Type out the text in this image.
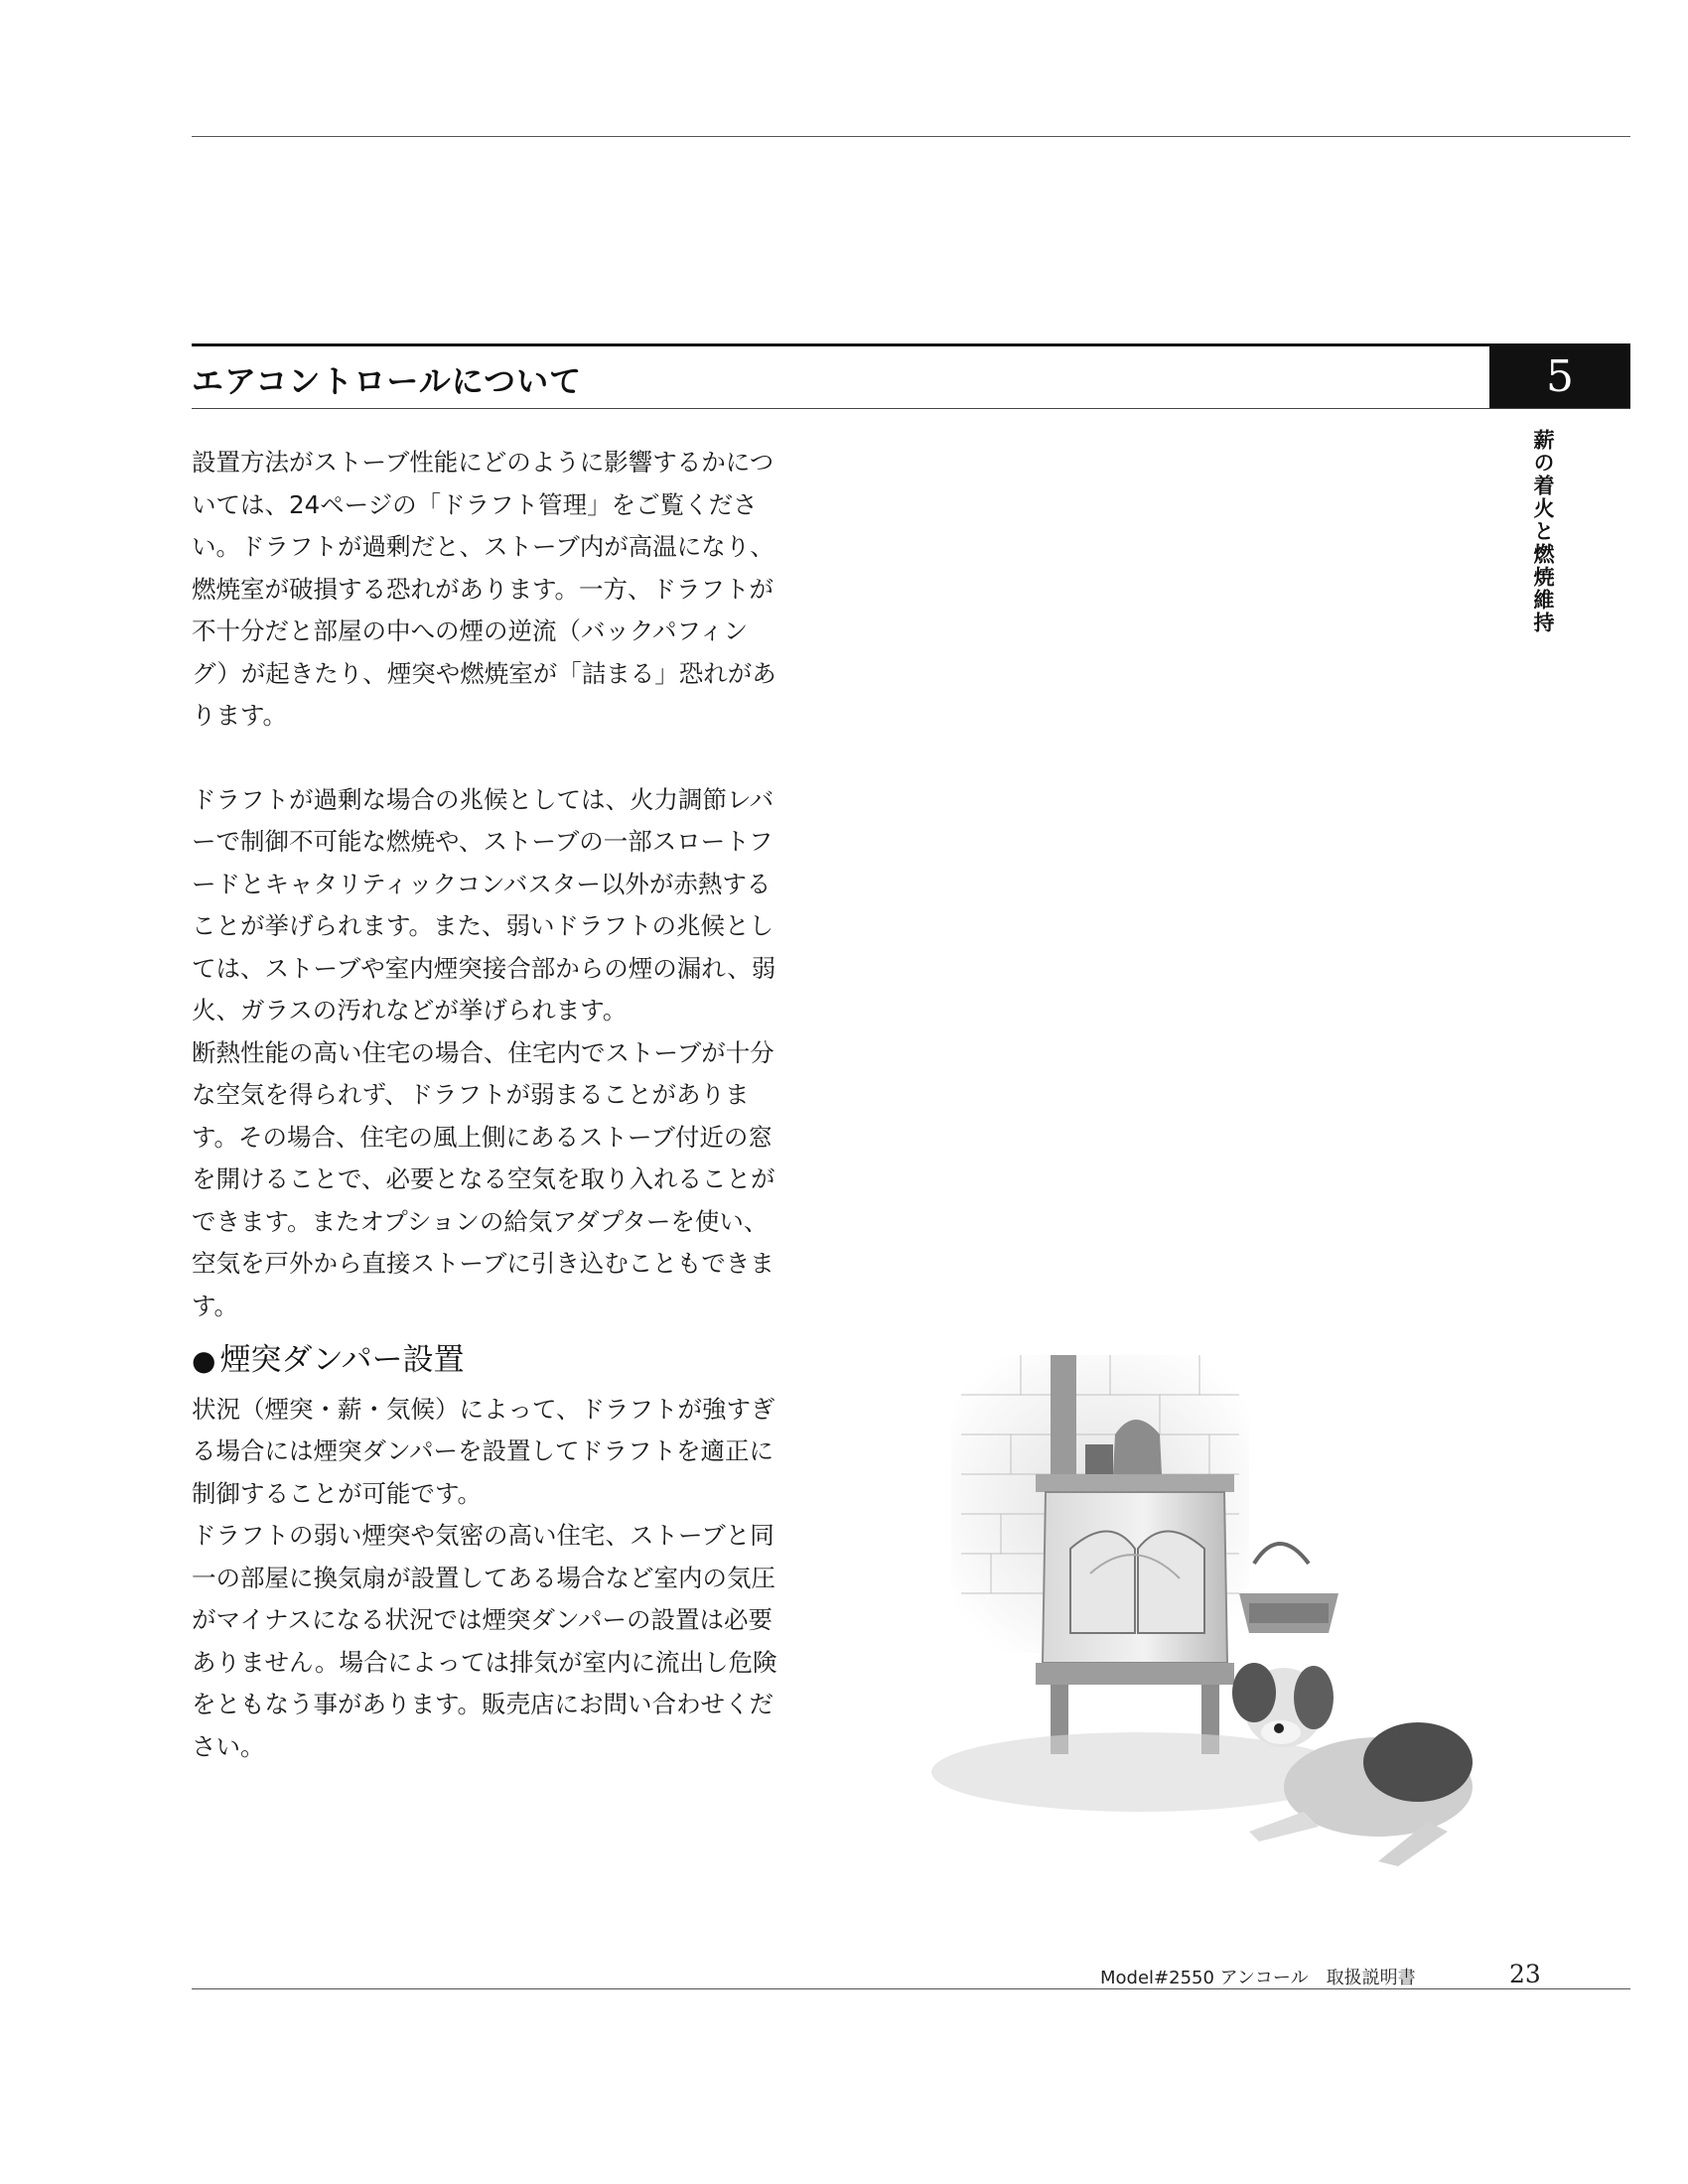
エアコントロールについて	5
薪の着火と燃焼維持

設置方法がストーブ性能にどのように影響するかについては、24ページの「ドラフト管理」をご覧ください。ドラフトが過剰だと、ストーブ内が高温になり、燃焼室が破損する恐れがあります。一方、ドラフトが不十分だと部屋の中への煙の逆流（バックパフィング）が起きたり、煙突や燃焼室が「詰まる」恐れがあります。

ドラフトが過剰な場合の兆候としては、火力調節レバーで制御不可能な燃焼や、ストーブの一部スロートフードとキャタリティックコンバスター以外が赤熱することが挙げられます。また、弱いドラフトの兆候としては、ストーブや室内煙突接合部からの煙の漏れ、弱火、ガラスの汚れなどが挙げられます。

断熱性能の高い住宅の場合、住宅内でストーブが十分な空気を得られず、ドラフトが弱まることがあります。その場合、住宅の風上側にあるストーブ付近の窓を開けることで、必要となる空気を取り入れることができます。またオプションの給気アダプターを使い、空気を戸外から直接ストーブに引き込むこともできます。

● 煙突ダンパー設置

状況（煙突・薪・気候）によって、ドラフトが強すぎる場合には煙突ダンパーを設置してドラフトを適正に制御することが可能です。

ドラフトの弱い煙突や気密の高い住宅、ストーブと同一の部屋に換気扇が設置してある場合など室内の気圧がマイナスになる状況では煙突ダンパーの設置は必要ありません。場合によっては排気が室内に流出し危険をともなう事があります。販売店にお問い合わせください。

Model#2550 アンコール　取扱説明書	23
